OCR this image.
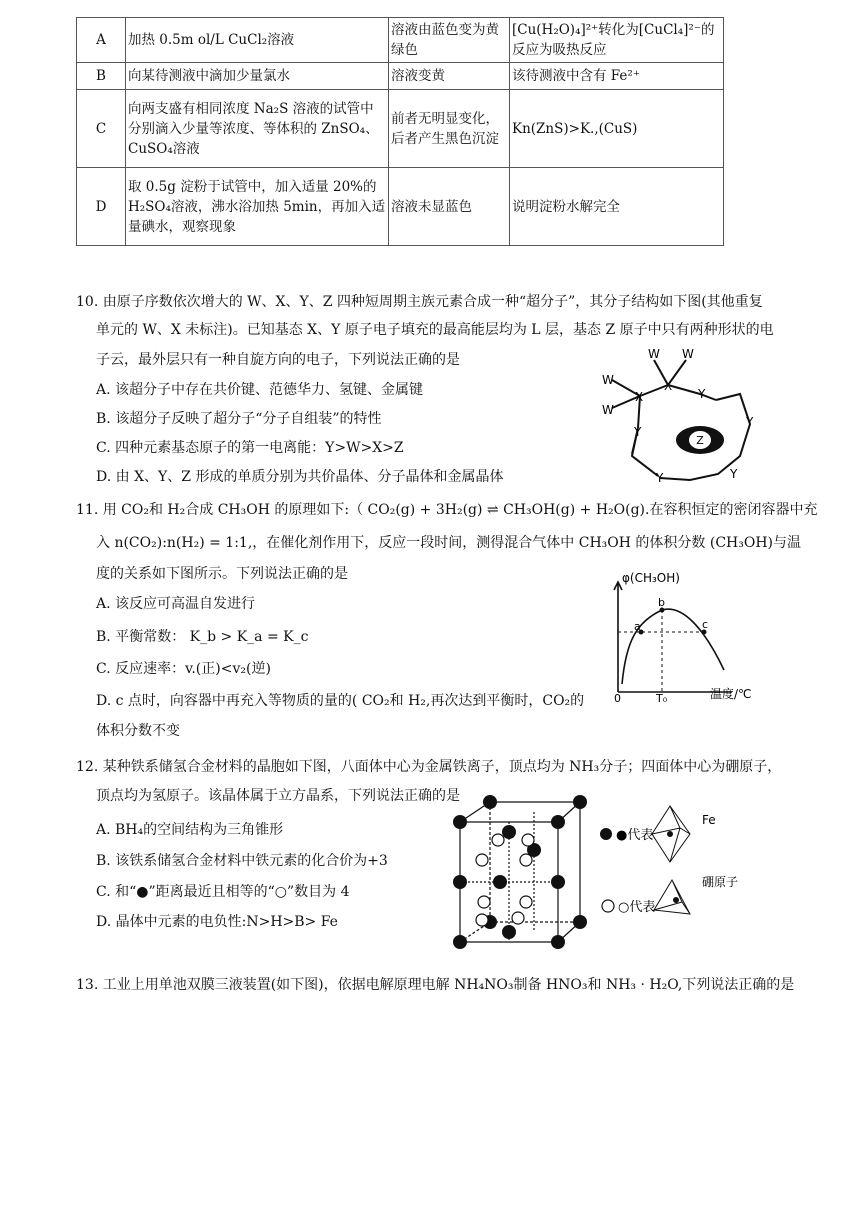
A	加热 0.5m ol/L CuCl₂溶液	溶液由蓝色变为黄绿色	[Cu(H₂O)₄]²⁺转化为[CuCl₄]²⁻的反应为吸热反应
B	向某待测液中滴加少量氯水	溶液变黄	该待测液中含有 Fe²⁺
C	向两支盛有相同浓度 Na₂S 溶液的试管中分别滴入少量等浓度、等体积的 ZnSO₄、CuSO₄溶液	前者无明显变化，后者产生黑色沉淀	Kn(ZnS)>K.,(CuS)
D	取 0.5g 淀粉于试管中，加入适量 20%的 H₂SO₄溶液，沸水浴加热 5min，再加入适量碘水，观察现象	溶液未显蓝色	说明淀粉水解完全
10. 由原子序数依次增大的 W、X、Y、Z 四种短周期主族元素合成一种“超分子”，其分子结构如下图(其他重复
单元的 W、X 未标注)。已知基态 X、Y 原子电子填充的最高能层均为 L 层，基态 Z 原子中只有两种形状的电
子云，最外层只有一种自旋方向的电子，下列说法正确的是
A. 该超分子中存在共价键、范德华力、氢键、金属键
B. 该超分子反映了超分子“分子自组装”的特性
C. 四种元素基态原子的第一电离能：Y>W>X>Z
D. 由 X、Y、Z 形成的单质分别为共价晶体、分子晶体和金属晶体
Z
W W
W
W
X
X	Y
Y
Y
Y	Y
11. 用 CO₂和 H₂合成 CH₃OH 的原理如下:（ CO₂(g) + 3H₂(g) ⇌ CH₃OH(g) + H₂O(g).在容积恒定的密闭容器中充
入 n(CO₂):n(H₂) = 1:1,，在催化剂作用下，反应一段时间，测得混合气体中 CH₃OH 的体积分数 (CH₃OH)与温
度的关系如下图所示。下列说法正确的是
A. 该反应可高温自发进行
B. 平衡常数： K_b > K_a = K_c
C. 反应速率：v.(正)<v₂(逆)
D. c 点时，向容器中再充入等物质的量的( CO₂和 H₂,再次达到平衡时，CO₂的
体积分数不变
φ(CH₃OH)
温度/℃
a
b
c
0	T₀
12. 某种铁系储氢合金材料的晶胞如下图，八面体中心为金属铁离子，顶点均为 NH₃分子；四面体中心为硼原子，
顶点均为氢原子。该晶体属于立方晶系，下列说法正确的是
A. BH₄的空间结构为三角锥形
B. 该铁系储氢合金材料中铁元素的化合价为+3
C. 和“●”距离最近且相等的“○”数目为 4
D. 晶体中元素的电负性:N>H>B> Fe
●代表
Fe
○代表
硼原子
13. 工业上用单池双膜三液装置(如下图)，依据电解原理电解 NH₄NO₃制备 HNO₃和 NH₃ · H₂O,下列说法正确的是
